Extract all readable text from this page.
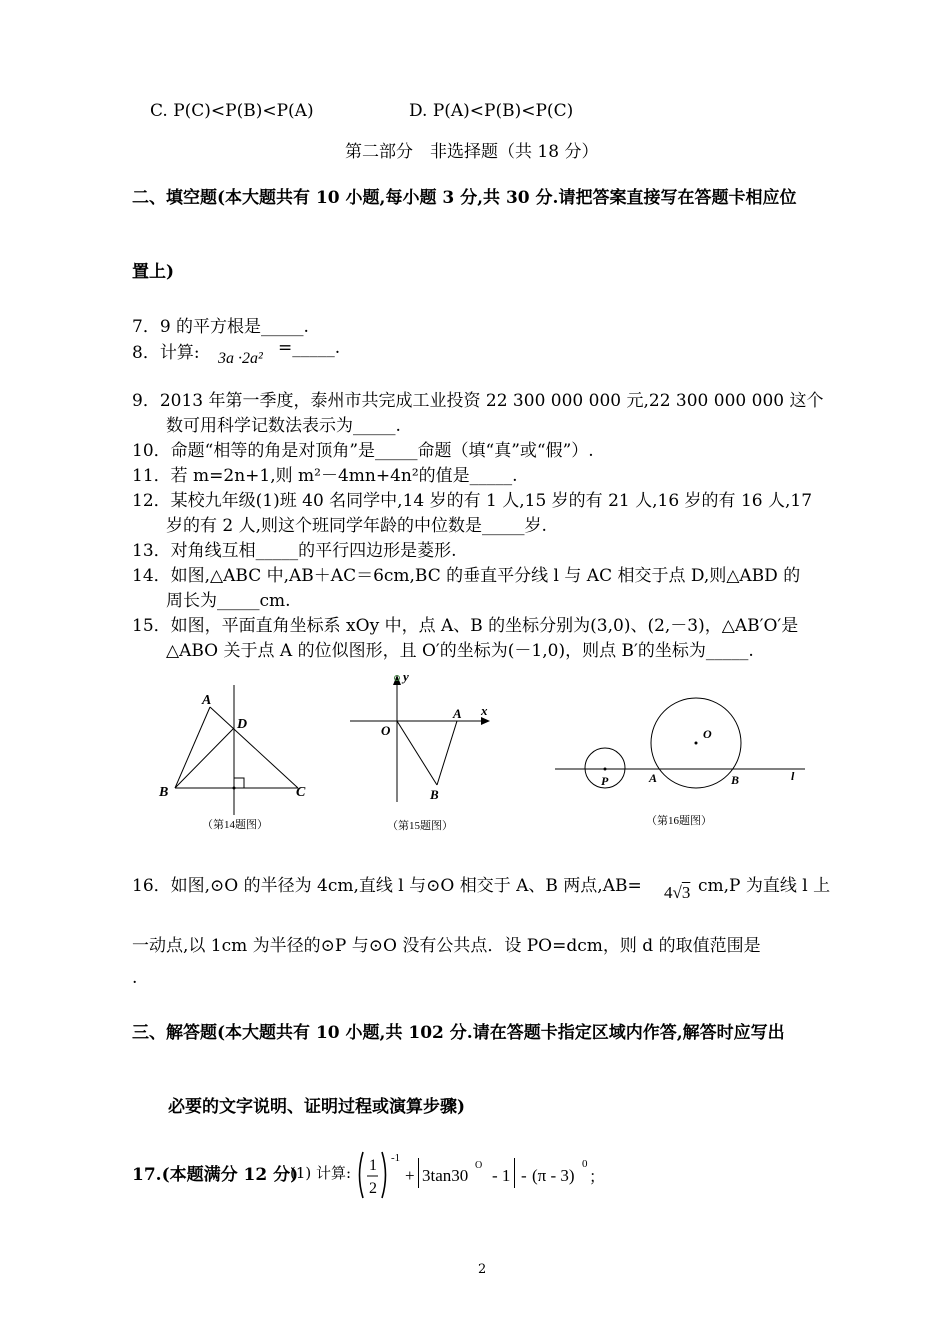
C. P(C)<P(B)<P(A)	D. P(A)<P(B)<P(C)
第二部分　非选择题（共 18 分）
二、填空题(本大题共有 10 小题,每小题 3 分,共 30 分.请把答案直接写在答题卡相应位
置上)
7．9 的平方根是_____.
8．计算: 3a ·2a²
=_____.
9．2013 年第一季度，泰州市共完成工业投资 22 300 000 000 元,22 300 000 000 这个
数可用科学记数法表示为_____.
10．命题“相等的角是对顶角”是_____命题（填“真”或“假”）.
11．若 m=2n+1,则 m²－4mn+4n²的值是_____.
12．某校九年级(1)班 40 名同学中,14 岁的有 1 人,15 岁的有 21 人,16 岁的有 16 人,17
岁的有 2 人,则这个班同学年龄的中位数是_____岁.
13．对角线互相_____的平行四边形是菱形.
14．如图,△ABC 中,AB＋AC＝6cm,BC 的垂直平分线 l 与 AC 相交于点 D,则△ABD 的
周长为_____cm.
15．如图，平面直角坐标系 xOy 中，点 A、B 的坐标分别为(3,0)、(2,－3)，△AB′O′是
△ABO 关于点 A 的位似图形，且 O′的坐标为(－1,0)，则点 B′的坐标为_____.
A
D
B	C
（第14题图）
y
x
O
A
B
（第15题图）
O
P	A	B	l
（第16题图）
16．如图,⊙O 的半径为 4cm,直线 l 与⊙O 相交于 A、B 两点,AB= 4√3 cm,P 为直线 l 上
一动点,以 1cm 为半径的⊙P 与⊙O 没有公共点．设 PO=dcm，则 d 的取值范围是
.
三、解答题(本大题共有 10 小题,共 102 分.请在答题卡指定区域内作答,解答时应写出
必要的文字说明、证明过程或演算步骤)
17.(本题满分 12 分)
(1) 计算: 1
2
-1
+ 3tan30
O
- 1 - (π - 3)
0
；
2
